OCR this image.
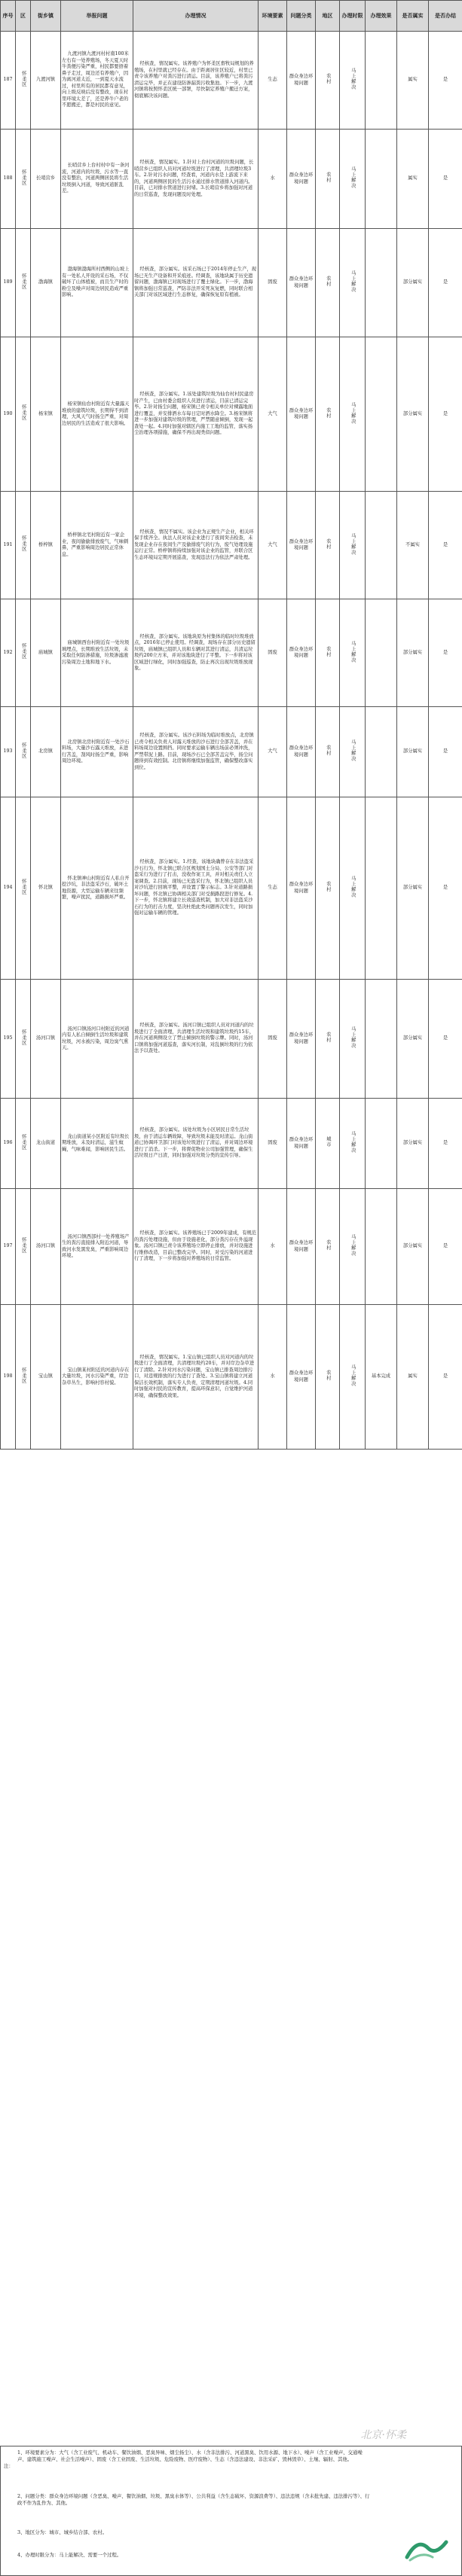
序号	区	街乡镇	举报问题	办理情况	环境要素	问题分类	地区	办理时限	办理效果	是否属实	是否办结
187	怀柔区	九渡河镇	九渡河镇九渡河村村南100米左右有一处养殖场，冬天夏天时牛粪便污染严重，村民都要捂着鼻子走过，周边还有养殖户，因为离河道太近，一到夏天水流过，村里所有的居民都有意见，向上级反映后没有整改，现在村里环境太差了，还是养牛户老的不愿搬迁，都是村民的意见。	经核查，情况属实。该养殖户为怀柔区畜牧局规划的养殖场，在村里就已经存在。由于距离居住区较近，村里已责令该养殖户对粪污进行清运。目前，该养殖户已将粪污清运完毕，并正在建设防渗漏粪污收集池。下一步，九渡河镇将按照怀柔区统一部署，尽快制定养殖户搬迁方案，彻底解决该问题。	生态	群众身边环境问题	农村	马上解决		属实	是
188	怀柔区	长哨营乡	长哨营乡上台村村中有一条河流，河道内的垃圾、污水等一直没有整治，河道两侧居民将生活垃圾倒入河道，导致河道脏乱差。	经核查，情况属实。1.针对上台村河道的垃圾问题，长哨营乡已组织人员对河道垃圾进行了清理，共清理垃圾3车。2.针对污水问题，经查看，河道内水是上游流下来的，河道两侧居民的生活污水通过排水管道排入河道内。目前，已对排水管道进行封堵。3.长哨营乡将加强对河道的日常巡查，发现问题及时处理。	水	群众身边环境问题	农村	马上解决		属实	是
189	怀柔区	渤海镇	渤海镇渤海所村西侧的山坡上有一处私人开设的采石场，不仅破坏了山体植被，而且生产时的粉尘及噪声对周边居民造成严重影响。	经核查，部分属实。该采石场已于2014年停止生产，现场已无生产设备和开采痕迹。经调查，该地块属于历史遗留问题，渤海镇已对现场进行了覆土绿化。下一步，渤海镇将加强日常巡查，严防非法开采死灰复燃，同时联合相关部门对该区域进行生态修复，确保恢复原有植被。	固废	群众身边环境问题	农村	马上解决		部分属实	是
190	怀柔区	杨宋镇	杨宋镇仙台村附近有大量露天堆放的建筑垃圾，长期得不到清理，大风天气时扬尘严重，对周边居民的生活造成了很大影响。	经核查，部分属实。1.该处建筑垃圾为仙台村村民建房时产生，已由村委会组织人员进行清运，目前已清运完毕。2.针对扬尘问题，杨宋镇已责令相关单位对裸露地面进行覆盖，并安排洒水车每日定时洒水降尘。3.杨宋镇将进一步加强对建筑垃圾的管理，严禁随意倾倒，发现一起查处一起。4.同时加强对辖区内施工工地的监管，落实扬尘治理各项措施，确保不再出现类似问题。	大气	群众身边环境问题	农村	马上解决		部分属实	是
191	怀柔区	桥梓镇	桥梓镇北宅村附近有一家企业，夜间偷偷排放废气，气味刺鼻，严重影响周边居民正常休息。	经核查，情况不属实。该企业为正规生产企业，相关环保手续齐全。执法人员对该企业进行了夜间突击检查，未发现企业存在夜间生产及偷排废气的行为，废气处理设施运行正常。桥梓镇将持续加强对该企业的监管，并联合区生态环境局定期开展巡查，发现违法行为依法严肃处理。	大气	群众身边环境问题	农村	马上解决		不属实	是
192	怀柔区	庙城镇	庙城镇西台村附近有一处垃圾填埋点，长期堆放生活垃圾，未采取任何防渗措施，垃圾渗滤液污染周边土地和地下水。	经核查，部分属实。该地块原为村集体的临时垃圾堆放点，2016年已停止使用。经调查，现场存在部分历史遗留垃圾，庙城镇已组织人员和车辆对其进行清运，共清运垃圾约200立方米，并对该地块进行了平整。下一步将对该区域进行绿化，同时加强巡查，防止再次出现垃圾堆放现象。	固废	群众身边环境问题	农村	马上解决		部分属实	是
193	怀柔区	北房镇	北房镇北房村附近有一处沙石料场，大量沙石露天堆放，未进行苫盖，刮风时扬尘严重，影响周边环境。	经核查，部分属实。该沙石料场为临时堆放点，北房镇已责令相关负责人对露天堆放的沙石进行全部苫盖，并在料场周边设置围挡。同时要求运输车辆出场前必须冲洗，严禁带泥上路。目前，现场沙石已全部苫盖完毕，扬尘问题得到有效控制。北房镇将继续加强监管，确保整改落实到位。	大气	群众身边环境问题	农村	马上解决		部分属实	是
194	怀柔区	怀北镇	怀北镇神山村附近有人私自开挖沙坑，非法盗采沙石，破坏土地资源，大型运输车辆来往频繁，噪声扰民，道路损坏严重。	经核查，部分属实。1.经查，该地块确曾存在非法盗采沙石行为，怀北镇已联合区规划国土分局、公安等部门对盗采行为进行了打击，没收作案工具，并对相关责任人立案调查。2.目前，现场已无盗采行为，怀北镇已组织人员对沙坑进行回填平整，并设置了警示标志。3.针对道路损坏问题，怀北镇已协调相关部门对受损路段进行修复。4.下一步，怀北镇将建立长效巡查机制，加大对非法盗采沙石行为的打击力度，坚决杜绝此类问题再次发生，同时加强对运输车辆的管理。	生态	群众身边环境问题	农村	马上解决		部分属实	是
195	怀柔区	汤河口镇	汤河口镇汤河口村附近的河道内有人私自倾倒生活垃圾和建筑垃圾，河水被污染，周边臭气熏天。	经核查，部分属实。汤河口镇已组织人员对河道内的垃圾进行了全面清理，共清理生活垃圾和建筑垃圾约15车，并在河道两侧设立了禁止倾倒垃圾的警示牌。同时，汤河口镇将加强河道巡查，落实河长制，对乱倒垃圾的行为依法予以查处。	固废	群众身边环境问题	农村	马上解决		部分属实	是
196	怀柔区	龙山街道	龙山街道某小区附近有垃圾长期堆放，未及时清运，滋生蚊蝇，气味难闻，影响居民生活。	经核查，部分属实。该处垃圾为小区居民日常生活垃圾，由于清运车辆故障，导致垃圾未能及时清运。龙山街道已协调环卫部门对该处垃圾进行了清运，并对周边环境进行了消杀。下一步，将督促物业公司加强管理，确保生活垃圾日产日清，同时加强对垃圾分类的宣传引导。	固废	群众身边环境问题	城市	马上解决		部分属实	是
197	怀柔区	汤河口镇	汤河口镇西部村一处养殖场产生的粪污直接排入附近河道，导致河水发黑发臭，严重影响周边环境。	经核查，部分属实。该养殖场已于2009年建成，有规范的粪污处理设施，但由于设施老化，部分粪污存在外溢现象。汤河口镇已责令该养殖场立即停止排放，并对设施进行维修改造，目前已整改完毕。同时，对受污染的河道进行了清理，下一步将加强对养殖场的日常监管。	水	群众身边环境问题	农村	马上解决		部分属实	是
198	怀柔区	宝山镇	宝山镇某村附近的河道内存在大量垃圾，河水污染严重，岸边杂草丛生，影响村容村貌。	经核查，情况属实。1.宝山镇已组织人员对河道内的垃圾进行了全面清理，共清理垃圾约20车，并对岸边杂草进行了清除。2.针对河水污染问题，宝山镇已排查周边排污口，对违规排放的行为进行了查处。3.宝山镇将建立河道保洁长效机制，落实专人负责，定期清理河道垃圾。4.同时加强对村民的宣传教育，提高环保意识，自觉维护河道环境，确保整改效果。	水	群众身边环境问题	农村	马上解决	基本完成	属实	是
北京·怀柔
注：
1、环境要素分为：大气（含工业废气、机动车、餐饮油烟、恶臭异味、烟尘扬尘）、水（含非法排污、河道黑臭、饮用水源、地下水）、噪声（含工业噪声、交通噪声、建筑施工噪声、社会生活噪声）、固废（含工业固废、生活垃圾、危险废物、医疗废物）、生态（含违法建设、非法采矿、毁林毁草）、土壤、辐射、其他。
2、问题分类：群众身边环境问题（含恶臭、噪声、餐饮油烟、垃圾、黑臭水体等）、公共利益（含生态破坏、资源浪费等）、违法违规（含未批先建、违法排污等）、行政不作为乱作为、其他。
3、地区分为：城市、城乡结合部、农村。
4、办理时限分为：马上能解决、需要一个过程。
